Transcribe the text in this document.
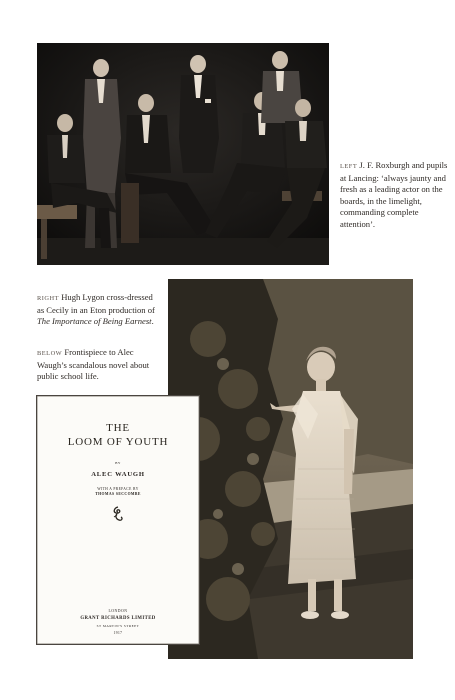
LEFT J. F. Roxburgh and pupils at Lancing: ‘always jaunty and fresh as a leading actor on the boards, in the limelight, commanding complete attention’.

RIGHT Hugh Lygon cross-dressed as Cecily in an Eton production of The Importance of Being Earnest.

BELOW Frontispiece to Alec Waugh’s scandalous novel about public school life.

THE
LOOM OF YOUTH
BY
ALEC WAUGH
WITH A PREFACE BY
THOMAS SECCOMBE
LONDON
GRANT RICHARDS LIMITED
ST MARTIN'S STREET
1917
